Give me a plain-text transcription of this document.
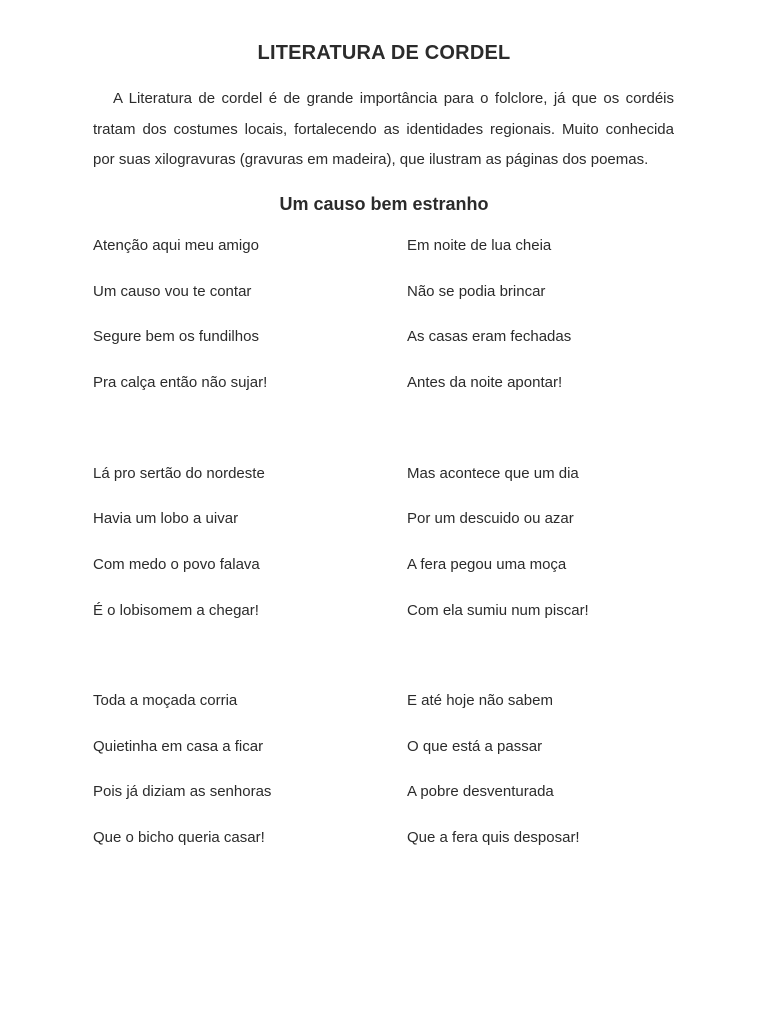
LITERATURA DE CORDEL

A Literatura de cordel é de grande importância para o folclore, já que os cordéis tratam dos costumes locais, fortalecendo as identidades regionais. Muito conhecida por suas xilogravuras (gravuras em madeira), que ilustram as páginas dos poemas.

Um causo bem estranho
Atenção aqui meu amigo
Um causo vou te contar
Segure bem os fundilhos
Pra calça então não sujar!
Em noite de lua cheia
Não se podia brincar
As casas eram fechadas
Antes da noite apontar!
Lá pro sertão do nordeste
Havia um lobo a uivar
Com medo o povo falava
É o lobisomem a chegar!
Mas acontece que um dia
Por um descuido ou azar
A fera pegou uma moça
Com ela sumiu num piscar!
Toda a moçada corria
Quietinha em casa a ficar
Pois já diziam as senhoras
Que o bicho queria casar!
E até hoje não sabem
O que está a passar
A pobre desventurada
Que a fera quis desposar!
